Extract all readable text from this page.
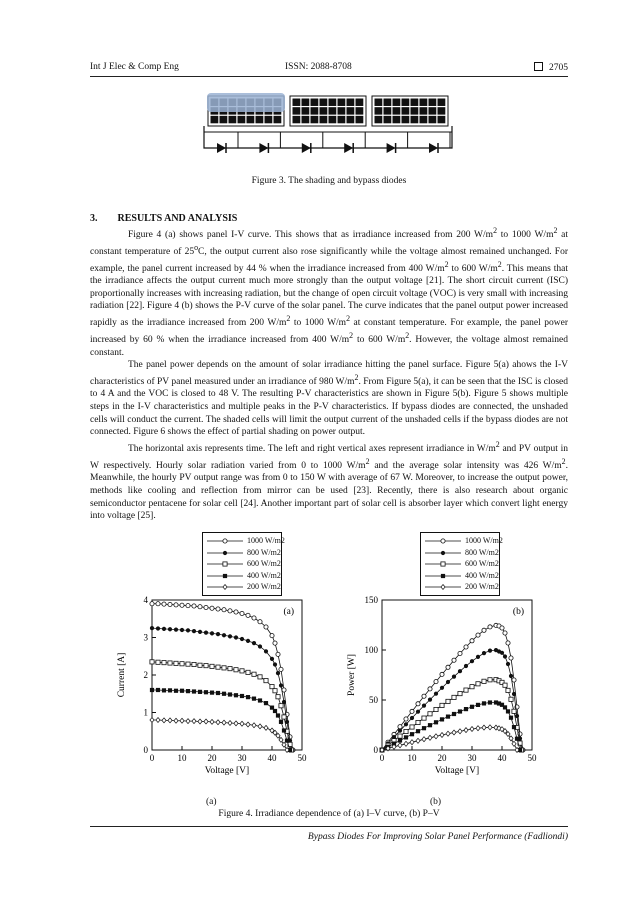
Int J Elec & Comp Eng	ISSN: 2088-8708	2705
Figure 3. The shading and bypass diodes
3. RESULTS AND ANALYSIS

Figure 4 (a) shows panel I-V curve. This shows that as irradiance increased from 200 $W/m^2$ to 1000 $W/m^2$ at constant temperature of 25$^o$C, the output current also rose significantly while the voltage almost remained unchanged. For example, the panel current increased by 44 % when the irradiance increased from 400 $W/m^2$ to 600 $W/m^2$. This means that the irradiance affects the output current much more strongly than the output voltage [21]. The short circuit current (ISC) proportionally increases with increasing radiation, but the change of open circuit voltage (VOC) is very small with increasing radiation [22]. Figure 4 (b) shows the P-V curve of the solar panel. The curve indicates that the panel output power increased rapidly as the irradiance increased from 200 $W/m^2$ to 1000 $W/m^2$ at constant temperature. For example, the panel power increased by 60 % when the irradiance increased from 400 $W/m^2$ to 600 $W/m^2$. However, the voltage almost remained constant.

The panel power depends on the amount of solar irradiance hitting the panel surface. Figure 5(a) ahows the I-V characteristics of PV panel measured under an irradiance of 980 $W/m^2$. From Figure 5(a), it can be seen that the ISC is closed to 4 A and the VOC is closed to 48 V. The resulting P-V characteristics are shown in Figure 5(b). Figure 5 shows multiple steps in the I-V characteristics and multiple peaks in the P-V characteristics. If bypass diodes are connected, the unshaded cells will conduct the current. The shaded cells will limit the output current of the unshaded cells if the bypass diodes are not connected. Figure 6 shows the effect of partial shading on power output.

The horizontal axis represents time. The left and right vertical axes represent irradiance in $W/m^2$ and PV output in W respectively. Hourly solar radiation varied from 0 to 1000 $W/m^2$ and the average solar intensity was 426 $W/m^2$. Meanwhile, the hourly PV output range was from 0 to 150 W with average of 67 W. Moreover, to increase the output power, methods like cooling and reflection from mirror can be used [23]. Recently, there is also research about organic semiconductor pentacene for solar cell [24]. Another important part of solar cell is absorber layer which convert light energy into voltage [25].

0	10 20 30 40 50
0
1
2
3
4
Voltage [V]
Current [A]
(a)
0	10 20 30 40 50
0
50
100
150
Voltage [V]
Power [W]
(b)
1000 W/m2
800 W/m2
600 W/m2
400 W/m2
200 W/m2
1000 W/m2
800 W/m2
600 W/m2
400 W/m2
200 W/m2
(a)	(b)
Figure 4. Irradiance dependence of (a) I–V curve, (b) P–V
Bypass Diodes For Improving Solar Panel Performance (Fadliondi)
